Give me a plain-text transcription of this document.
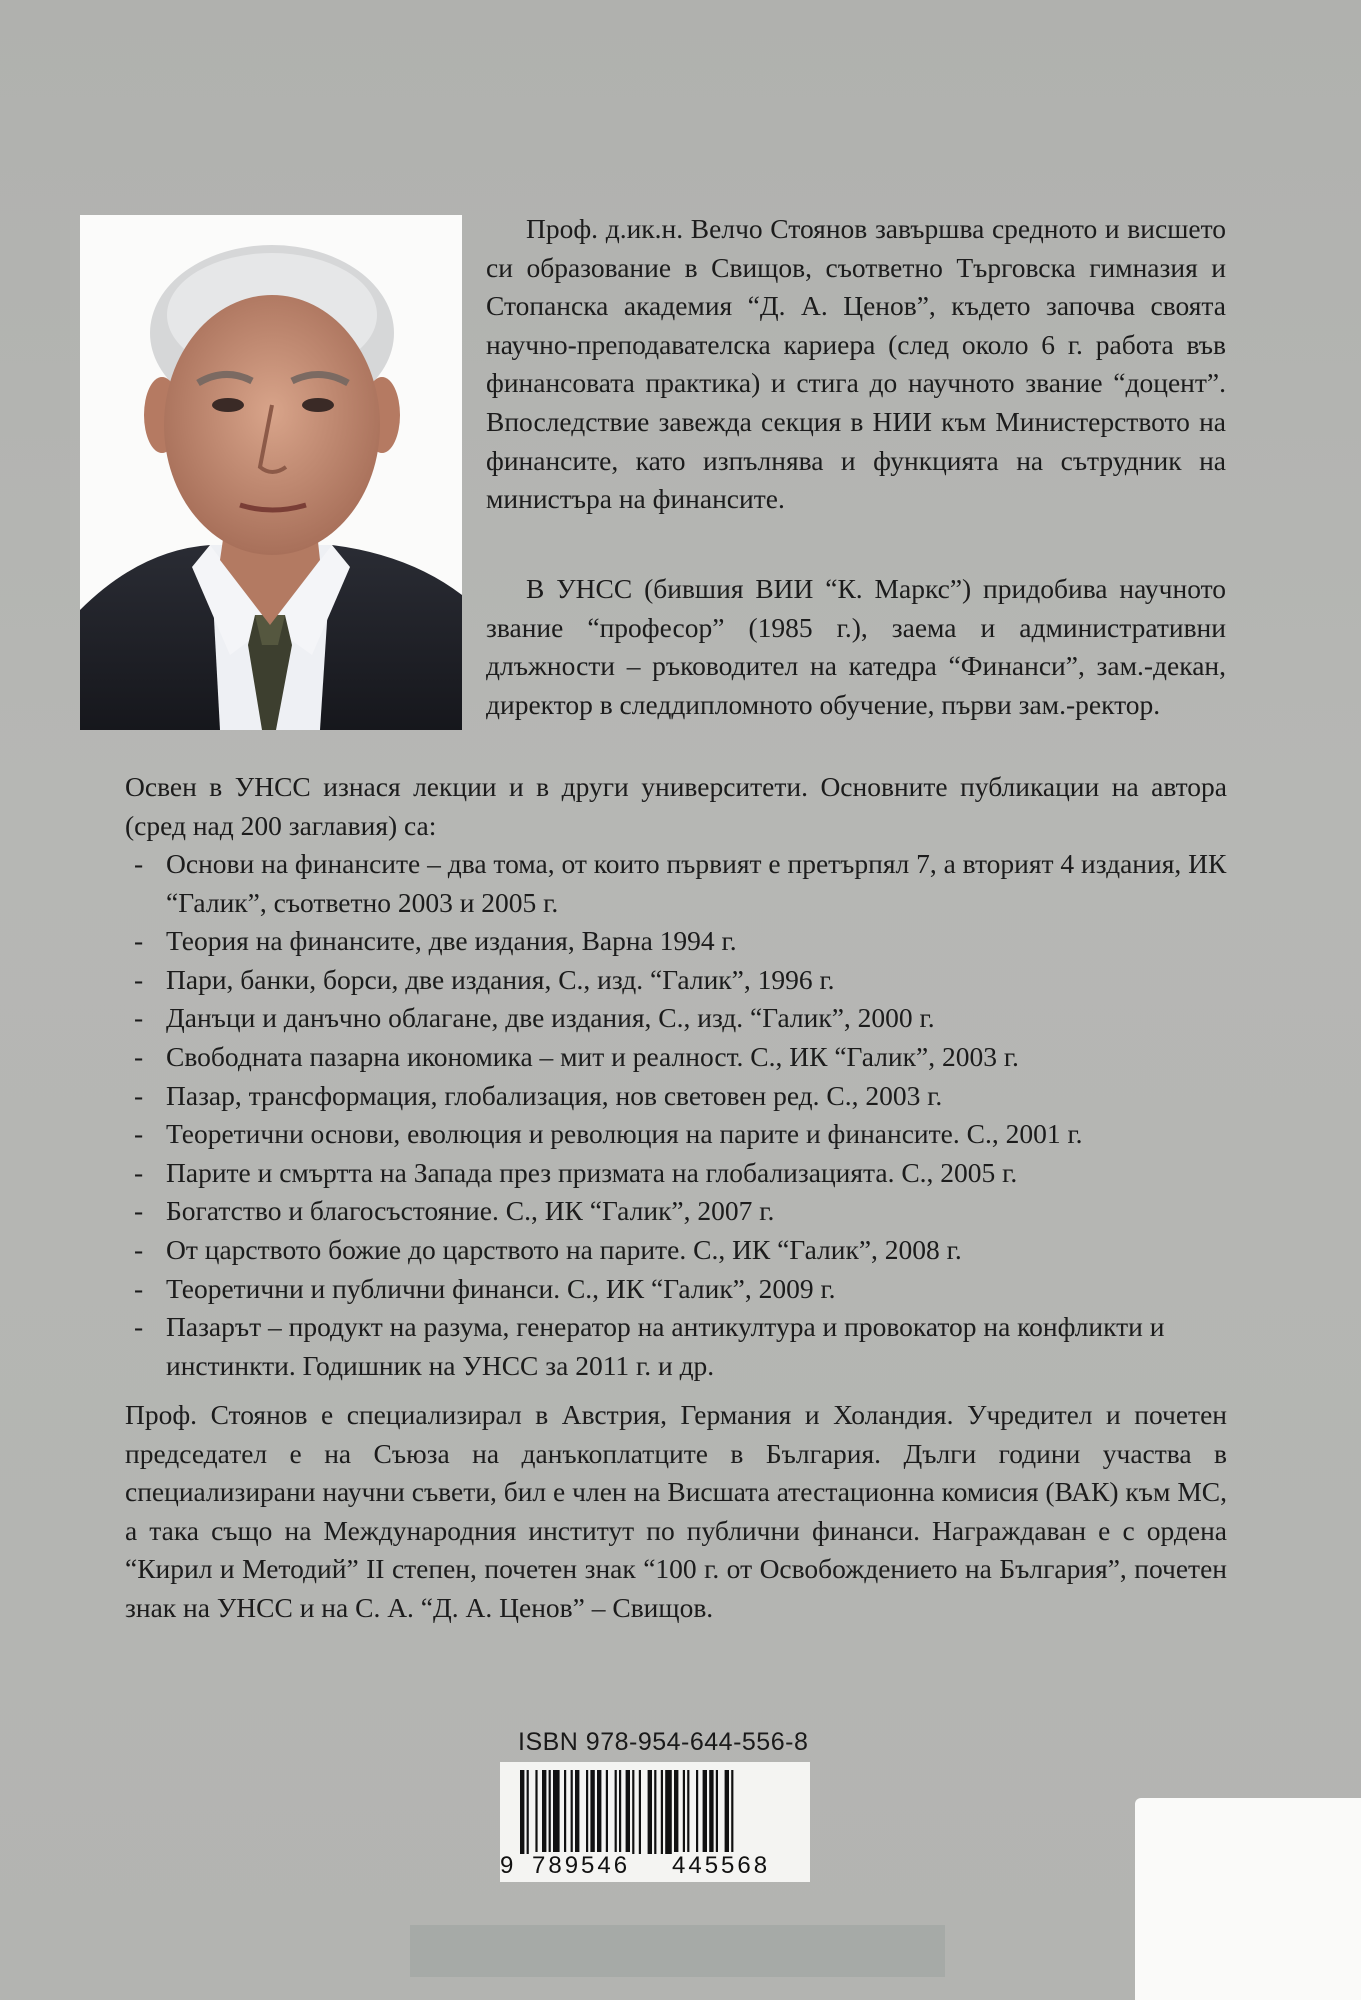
Проф. д.ик.н. Велчо Стоянов завършва средното и висшето си образование в Свищов, съответно Търговска гимназия и Стопанска академия “Д. А. Ценов”, където започва своята научно-преподавателска кариера (след около 6 г. работа във финансовата практика) и стига до научното звание “доцент”. Впоследствие завежда секция в НИИ към Министерството на финансите, като изпълнява и функцията на сътрудник на министъра на финансите.
В УНСС (бившия ВИИ “К. Маркс”) придобива научното звание “професор” (1985 г.), заема и административни длъжности – ръководител на катедра “Финанси”, зам.-декан, директор в следдипломното обучение, първи зам.-ректор.
Освен в УНСС изнася лекции и в други университети. Основните публикации на автора (сред над 200 заглавия) са:
- Основи на финансите – два тома, от които първият е претърпял 7, а вторият 4 издания, ИК “Галик”, съответно 2003 и 2005 г.
- Теория на финансите, две издания, Варна 1994 г.
- Пари, банки, борси, две издания, С., изд. “Галик”, 1996 г.
- Данъци и данъчно облагане, две издания, С., изд. “Галик”, 2000 г.
- Свободната пазарна икономика – мит и реалност. С., ИК “Галик”, 2003 г.
- Пазар, трансформация, глобализация, нов световен ред. С., 2003 г.
- Теоретични основи, еволюция и революция на парите и финансите. С., 2001 г.
- Парите и смъртта на Запада през призмата на глобализацията. С., 2005 г.
- Богатство и благосъстояние. С., ИК “Галик”, 2007 г.
- От царството божие до царството на парите. С., ИК “Галик”, 2008 г.
- Теоретични и публични финанси. С., ИК “Галик”, 2009 г.
- Пазарът – продукт на разума, генератор на антикултура и провокатор на конфликти и инстинкти. Годишник на УНСС за 2011 г. и др.
Проф. Стоянов е специализирал в Австрия, Германия и Холандия. Учредител и почетен председател е на Съюза на данъкоплатците в България. Дълги години участва в специализирани научни съвети, бил е член на Висшата атестационна комисия (ВАК) към МС, а така също на Международния институт по публични финанси. Награждаван е с ордена “Кирил и Методий” II степен, почетен знак “100 г. от Освобождението на България”, почетен знак на УНСС и на С. А. “Д. А. Ценов” – Свищов.
ISBN 978-954-644-556-8
9 789546 445568
